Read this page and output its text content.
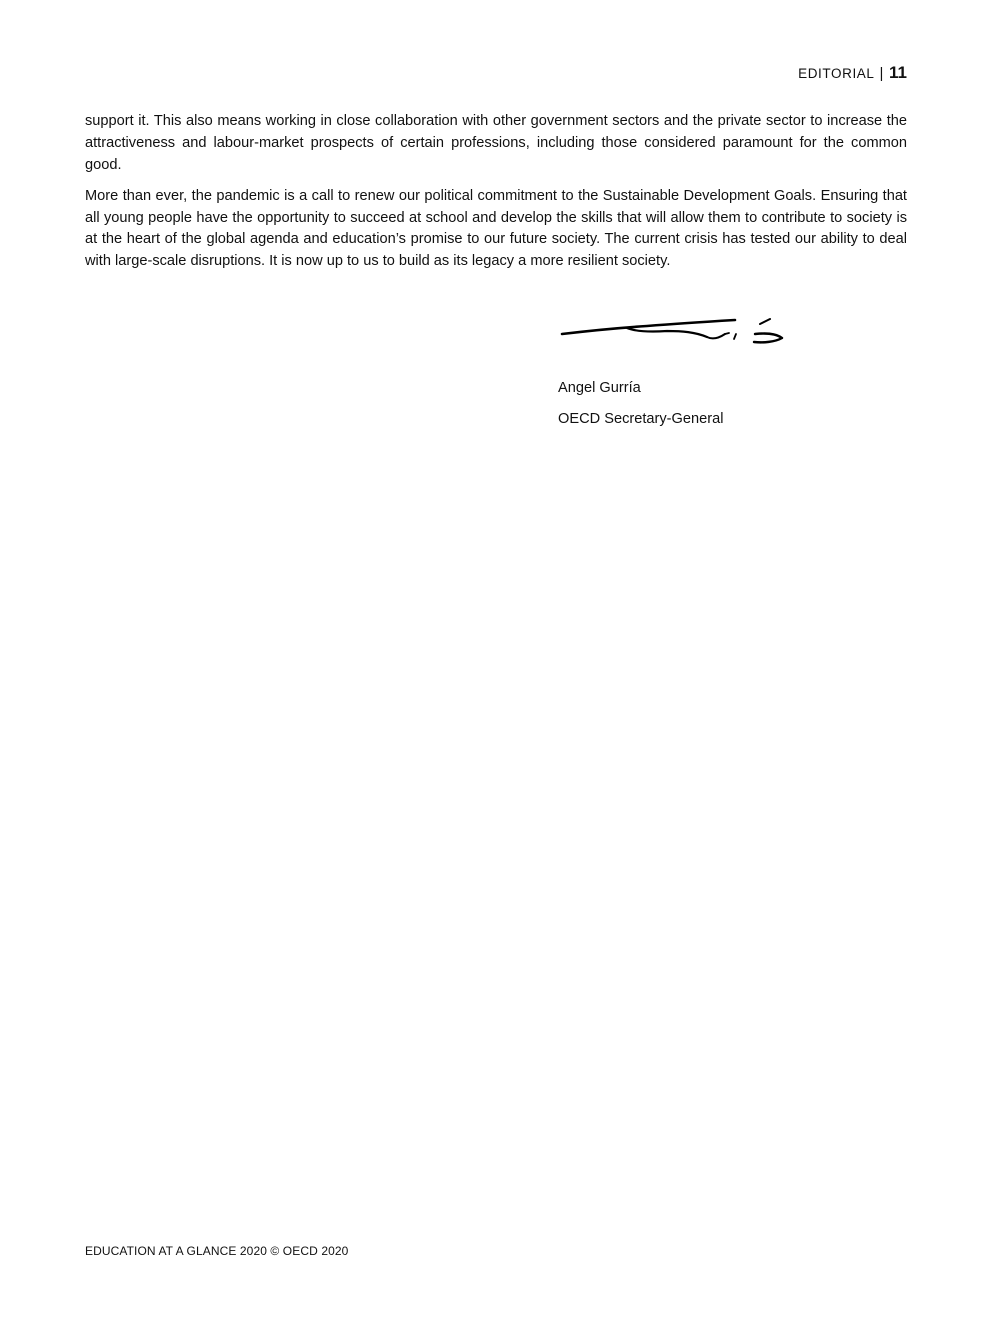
EDITORIAL | 11

support it. This also means working in close collaboration with other government sectors and the private sector to increase the attractiveness and labour-market prospects of certain professions, including those considered paramount for the common good.

More than ever, the pandemic is a call to renew our political commitment to the Sustainable Development Goals. Ensuring that all young people have the opportunity to succeed at school and develop the skills that will allow them to contribute to society is at the heart of the global agenda and education’s promise to our future society. The current crisis has tested our ability to deal with large-scale disruptions. It is now up to us to build as its legacy a more resilient society.

Angel Gurría
OECD Secretary-General
EDUCATION AT A GLANCE 2020 © OECD 2020
